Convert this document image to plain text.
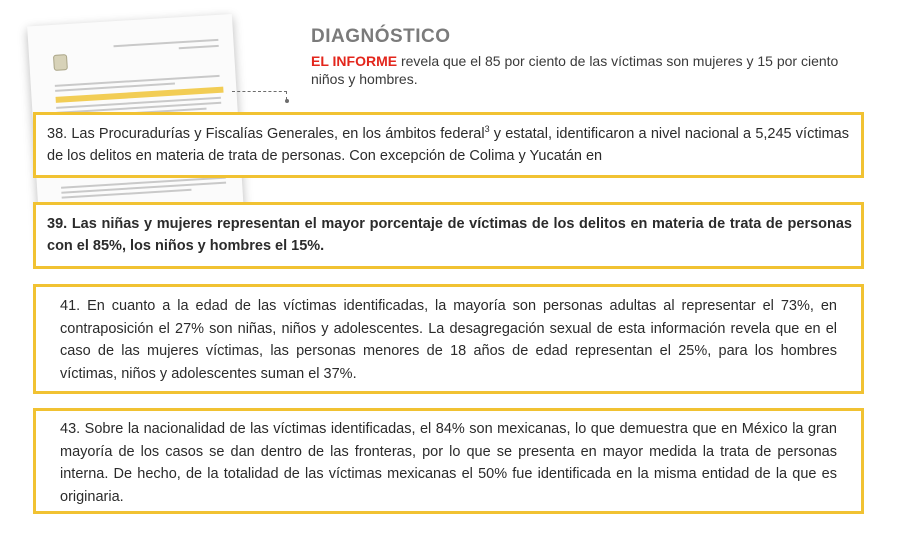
DIAGNÓSTICO

EL INFORME revela que el 85 por ciento de las víctimas son mujeres y 15 por ciento niños y hombres.

38. Las Procuradurías y Fiscalías Generales, en los ámbitos federal$^3$ y estatal, identificaron a nivel nacional a 5,245 víctimas de los delitos en materia de trata de personas. Con excepción de Colima y Yucatán en

39. Las niñas y mujeres representan el mayor porcentaje de víctimas de los delitos en materia de trata de personas con el 85%, los niños y hombres el 15%.

41. En cuanto a la edad de las víctimas identificadas, la mayoría son personas adultas al representar el 73%, en contraposición el 27% son niñas, niños y adolescentes. La desagregación sexual de esta información revela que en el caso de las mujeres víctimas, las personas menores de 18 años de edad representan el 25%, para los hombres víctimas, niños y adolescentes suman el 37%.

43. Sobre la nacionalidad de las víctimas identificadas, el 84% son mexicanas, lo que demuestra que en México la gran mayoría de los casos se dan dentro de las fronteras, por lo que se presenta en mayor medida la trata de personas interna. De hecho, de la totalidad de las víctimas mexicanas el 50% fue identificada en la misma entidad de la que es originaria.
